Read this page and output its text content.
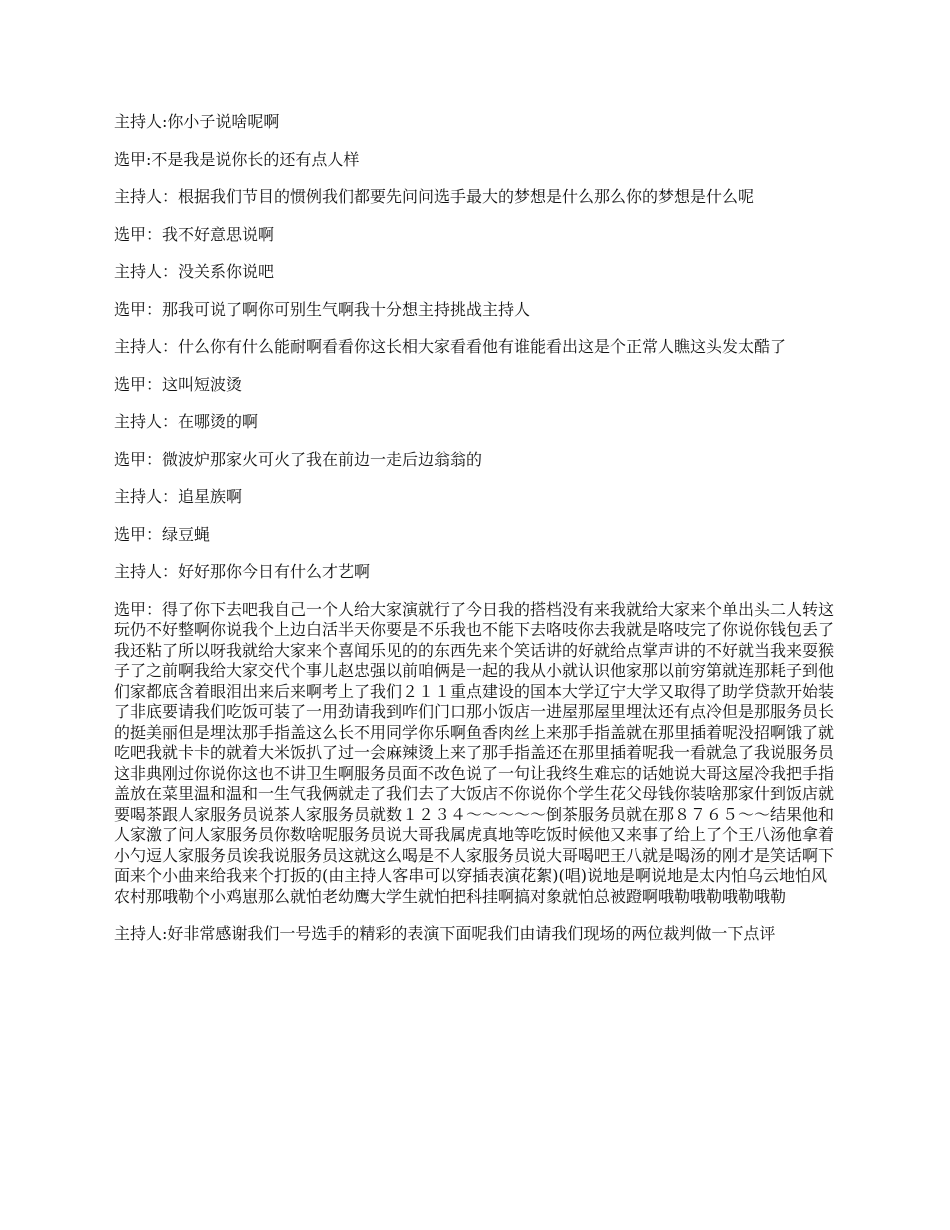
主持人:你小子说啥呢啊

选甲:不是我是说你长的还有点人样

主持人：根据我们节目的惯例我们都要先问问选手最大的梦想是什么那么你的梦想是什么呢

选甲：我不好意思说啊

主持人：没关系你说吧

选甲：那我可说了啊你可别生气啊我十分想主持挑战主持人

主持人：什么你有什么能耐啊看看你这长相大家看看他有谁能看出这是个正常人瞧这头发太酷了

选甲：这叫短波烫

主持人：在哪烫的啊

选甲：微波炉那家火可火了我在前边一走后边翁翁的

主持人：追星族啊

选甲：绿豆蝇

主持人：好好那你今日有什么才艺啊

选甲：得了你下去吧我自己一个人给大家演就行了今日我的搭档没有来我就给大家来个单出头二人转这玩仍不好整啊你说我个上边白活半天你要是不乐我也不能下去咯吱你去我就是咯吱完了你说你钱包丢了我还粘了所以呀我就给大家来个喜闻乐见的的东西先来个笑话讲的好就给点掌声讲的不好就当我来耍猴子了之前啊我给大家交代个事儿赵忠强以前咱俩是一起的我从小就认识他家那以前穷第就连那耗子到他们家都底含着眼泪出来后来啊考上了我们２１１重点建设的国本大学辽宁大学又取得了助学贷款开始装了非底要请我们吃饭可装了一用劲请我到咋们门口那小饭店一进屋那屋里埋汰还有点冷但是那服务员长的挺美丽但是埋汰那手指盖这么长不用同学你乐啊鱼香肉丝上来那手指盖就在那里插着呢没招啊饿了就吃吧我就卡卡的就着大米饭扒了过一会麻辣烫上来了那手指盖还在那里插着呢我一看就急了我说服务员这非典刚过你说你这也不讲卫生啊服务员面不改色说了一句让我终生难忘的话她说大哥这屋冷我把手指盖放在菜里温和温和一生气我俩就走了我们去了大饭店不你说你个学生花父母钱你装啥那家什到饭店就要喝茶跟人家服务员说茶人家服务员就数１２３４～～～～～倒茶服务员就在那８７６５～～结果他和人家激了问人家服务员你数啥呢服务员说大哥我属虎真地等吃饭时候他又来事了给上了个王八汤他拿着小勺逗人家服务员诶我说服务员这就这么喝是不人家服务员说大哥喝吧王八就是喝汤的刚才是笑话啊下面来个小曲来给我来个打扳的(由主持人客串可以穿插表演花絮)(唱)说地是啊说地是太内怕乌云地怕风农村那哦勒个小鸡崽那么就怕老幼鹰大学生就怕把科挂啊搞对象就怕总被蹬啊哦勒哦勒哦勒哦勒

主持人:好非常感谢我们一号选手的精彩的表演下面呢我们由请我们现场的两位裁判做一下点评
